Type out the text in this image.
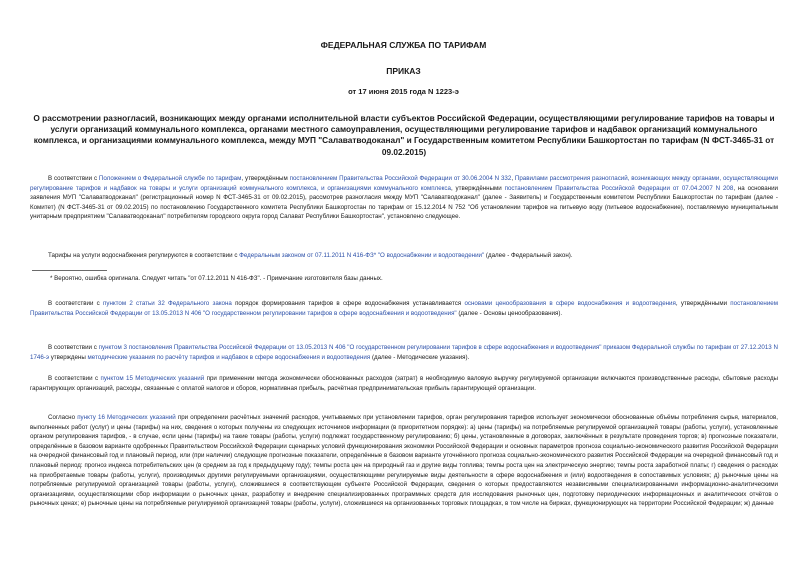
ФЕДЕРАЛЬНАЯ СЛУЖБА ПО ТАРИФАМ
ПРИКАЗ
от 17 июня 2015 года N 1223-э
О рассмотрении разногласий, возникающих между органами исполнительной власти субъектов Российской Федерации, осуществляющими регулирование тарифов на товары и услуги организаций коммунального комплекса, органами местного самоуправления, осуществляющими регулирование тарифов и надбавок организаций коммунального комплекса, и организациями коммунального комплекса, между МУП "Салаватводоканал" и Государственным комитетом Республики Башкортостан по тарифам (N ФСТ-3465-31 от 09.02.2015)
В соответствии с Положением о Федеральной службе по тарифам, утверждённым постановлением Правительства Российской Федерации от 30.06.2004 N 332, Правилами рассмотрения разногласий, возникающих между органами, осуществляющими регулирование тарифов и надбавок на товары и услуги организаций коммунального комплекса, и организациями коммунального комплекса, утверждёнными постановлением Правительства Российской Федерации от 07.04.2007 N 208, на основании заявления МУП "Салаватводоканал" (регистрационный номер N ФСТ-3465-31 от 09.02.2015), рассмотрев разногласия между МУП "Салаватводоканал" (далее - Заявитель) и Государственным комитетом Республики Башкортостан по тарифам (далее - Комитет) (N ФСТ-3465-31 от 09.02.2015) по постановлению Государственного комитета Республики Башкортостан по тарифам от 15.12.2014 N 752 "Об установлении тарифов на питьевую воду (питьевое водоснабжение), поставляемую муниципальным унитарным предприятием "Салаватводоканал" потребителям городского округа город Салават Республики Башкортостан", установлено следующее.
Тарифы на услуги водоснабжения регулируются в соответствии с Федеральным законом от 07.11.2011 N 416-ФЗ* "О водоснабжении и водоотведении" (далее - Федеральный закон).
* Вероятно, ошибка оригинала. Следует читать "от 07.12.2011 N 416-ФЗ". - Примечание изготовителя базы данных.
В соответствии с пунктом 2 статьи 32 Федерального закона порядок формирования тарифов в сфере водоснабжения устанавливается основами ценообразования в сфере водоснабжения и водоотведения, утверждёнными постановлением Правительства Российской Федерации от 13.05.2013 N 406 "О государственном регулировании тарифов в сфере водоснабжения и водоотведения" (далее - Основы ценообразования).
В соответствии с пунктом 3 постановления Правительства Российской Федерации от 13.05.2013 N 406 "О государственном регулировании тарифов в сфере водоснабжения и водоотведения" приказом Федеральной службы по тарифам от 27.12.2013 N 1746-э утверждены методические указания по расчёту тарифов и надбавок в сфере водоснабжения и водоотведения (далее - Методические указания).
В соответствии с пунктом 15 Методических указаний при применении метода экономически обоснованных расходов (затрат) в необходимую валовую выручку регулируемой организации включаются производственные расходы, сбытовые расходы гарантирующих организаций, расходы, связанные с оплатой налогов и сборов, нормативная прибыль, расчётная предпринимательская прибыль гарантирующей организации.
Согласно пункту 16 Методических указаний при определении расчётных значений расходов, учитываемых при установлении тарифов, орган регулирования тарифов использует экономически обоснованные объёмы потребления сырья, материалов, выполненных работ (услуг) и цены (тарифы) на них, сведения о которых получены из следующих источников информации (в приоритетном порядке): а) цены (тарифы) на потребляемые регулируемой организацией товары (работы, услуги), установленные органом регулирования тарифов, - в случае, если цены (тарифы) на такие товары (работы, услуги) подлежат государственному регулированию; б) цены, установленные в договорах, заключённых в результате проведения торгов; в) прогнозные показатели, определённые в базовом варианте одобренных Правительством Российской Федерации сценарных условий функционирования экономики Российской Федерации и основных параметров прогноза социально-экономического развития Российской Федерации на очередной финансовый год и плановый период, или (при наличии) следующие прогнозные показатели, определённые в базовом варианте уточнённого прогноза социально-экономического развития Российской Федерации на очередной финансовый год и плановый период: прогноз индекса потребительских цен (в среднем за год к предыдущему году); темпы роста цен на природный газ и другие виды топлива; темпы роста цен на электрическую энергию; темпы роста заработной платы; г) сведения о расходах на приобретаемые товары (работы, услуги), производимых другими регулируемыми организациями, осуществляющими регулируемые виды деятельности в сфере водоснабжения и (или) водоотведения в сопоставимых условиях; д) рыночные цены на потребляемые регулируемой организацией товары (работы, услуги), сложившиеся в соответствующем субъекте Российской Федерации, сведения о которых предоставляются независимыми специализированными информационно-аналитическими организациями, осуществляющими сбор информации о рыночных ценах, разработку и внедрение специализированных программных средств для исследования рыночных цен, подготовку периодических информационных и аналитических отчётов о рыночных ценах; е) рыночные цены на потребляемые регулируемой организацией товары (работы, услуги), сложившиеся на организованных торговых площадках, в том числе на биржах, функционирующих на территории Российской Федерации; ж) данные
